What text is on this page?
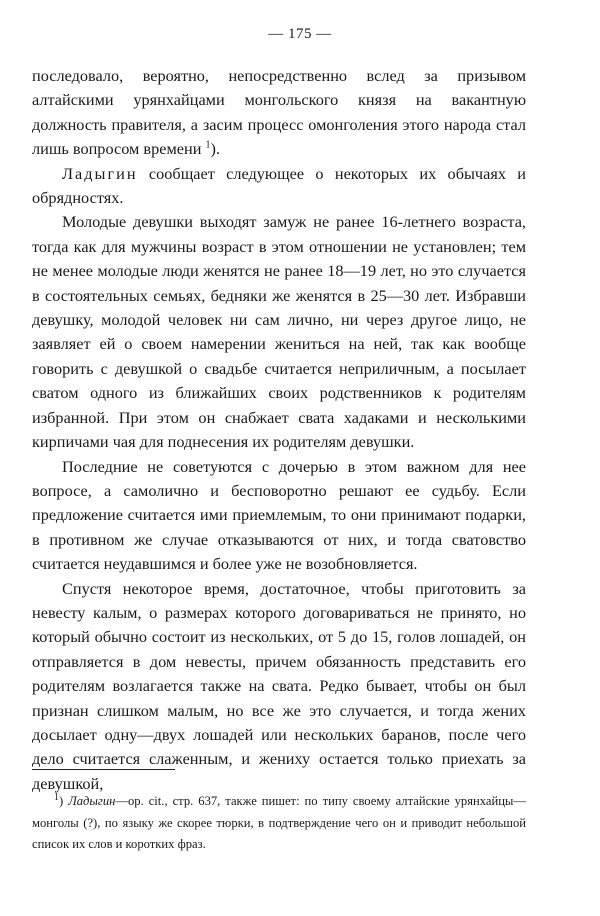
— 175 —

последовало, вероятно, непосредственно вслед за призывом алтайскими урянхайцами монгольского князя на вакантную должность правителя, а засим процесс омонголения этого народа стал лишь вопросом времени $^1$).

Ладыгин сообщает следующее о некоторых их обычаях и обрядностях.

Молодые девушки выходят замуж не ранее 16-летнего возраста, тогда как для мужчины возраст в этом отношении не установлен; тем не менее молодые люди женятся не ранее 18—19 лет, но это случается в состоятельных семьях, бедняки же женятся в 25—30 лет. Избравши девушку, молодой человек ни сам лично, ни через другое лицо, не заявляет ей о своем намерении жениться на ней, так как вообще говорить с девушкой о свадьбе считается неприличным, а посылает сватом одного из ближайших своих родственников к родителям избранной. При этом он снабжает свата хадаками и несколькими кирпичами чая для поднесения их родителям девушки.

Последние не советуются с дочерью в этом важном для нее вопросе, а самолично и бесповоротно решают ее судьбу. Если предложение считается ими приемлемым, то они принимают подарки, в противном же случае отказываются от них, и тогда сватовство считается неудавшимся и более уже не возобновляется.

Спустя некоторое время, достаточное, чтобы приготовить за невесту калым, о размерах которого договариваться не принято, но который обычно состоит из нескольких, от 5 до 15, голов лошадей, он отправляется в дом невесты, причем обязанность представить его родителям возлагается также на свата. Редко бывает, чтобы он был признан слишком малым, но все же это случается, и тогда жених досылает одну—двух лошадей или нескольких баранов, после чего дело считается слаженным, и жениху остается только приехать за девушкой,

$^1$) Ладыгин—op. cit., стр. 637, также пишет: по типу своему алтайские урянхайцы—монголы (?), по языку же скорее тюрки, в подтверждение чего он и приводит небольшой список их слов и коротких фраз.
